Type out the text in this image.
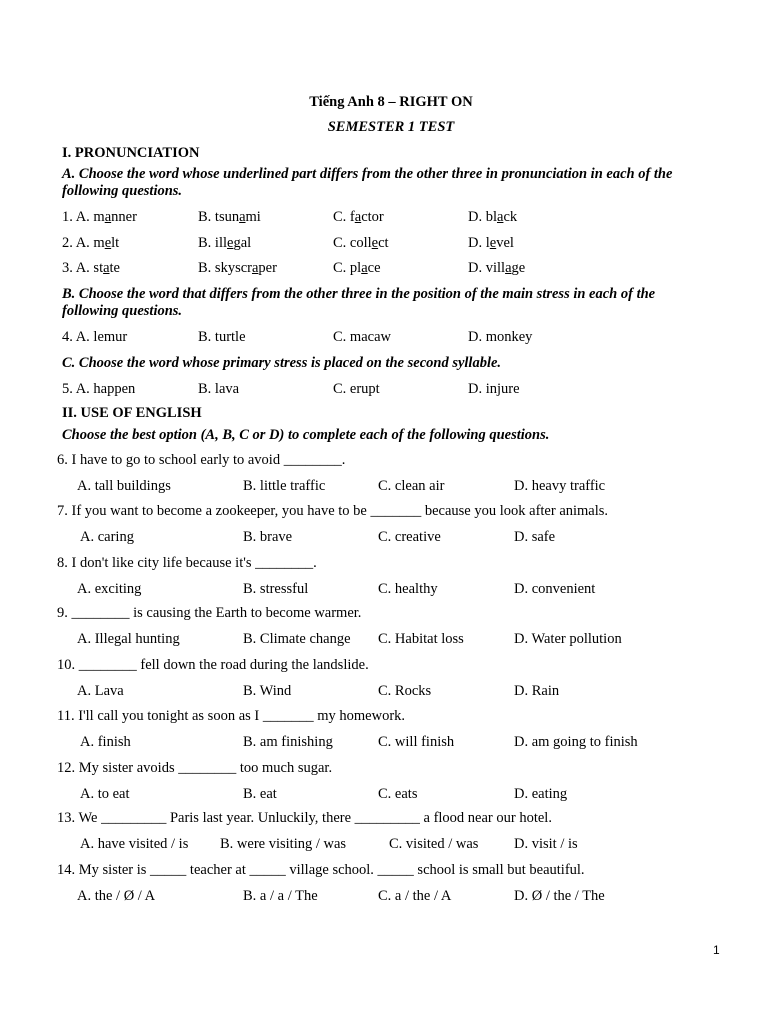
Tiếng Anh 8 – RIGHT ON
SEMESTER 1 TEST
I. PRONUNCIATION
A. Choose the word whose underlined part differs from the other three in pronunciation in each of the following questions.
1. A. manner	B. tsunami	C. factor	D. black
2. A. melt	B. illegal	C. collect	D. level
3. A. state	B. skyscraper	C. place	D. village
B. Choose the word that differs from the other three in the position of the main stress in each of the following questions.
4. A. lemur	B. turtle	C. macaw	D. monkey
C. Choose the word whose primary stress is placed on the second syllable.
5. A. happen	B. lava	C. erupt	D. injure
II. USE OF ENGLISH
Choose the best option (A, B, C or D) to complete each of the following questions.
6. I have to go to school early to avoid ________.
A. tall buildings	B. little traffic	C. clean air	D. heavy traffic
7. If you want to become a zookeeper, you have to be _______ because you look after animals.
A. caring	B. brave	C. creative	D. safe
8. I don't like city life because it's ________.
A. exciting	B. stressful	C. healthy	D. convenient
9. ________ is causing the Earth to become warmer.
A. Illegal hunting	B. Climate change C. Habitat loss	D. Water pollution
10. ________ fell down the road during the landslide.
A. Lava	B. Wind	C. Rocks	D. Rain
11. I'll call you tonight as soon as I _______ my homework.
A. finish	B. am finishing	C. will finish	D. am going to finish
12. My sister avoids ________ too much sugar.
A. to eat	B. eat	C. eats	D. eating
13. We _________ Paris last year. Unluckily, there _________ a flood near our hotel.
A. have visited / is B. were visiting / was	C. visited / was D. visit / is
14. My sister is _____ teacher at _____ village school. _____ school is small but beautiful.
A. the / Ø / A	B. a / a / The	C. a / the / A	D. Ø / the / The
1
